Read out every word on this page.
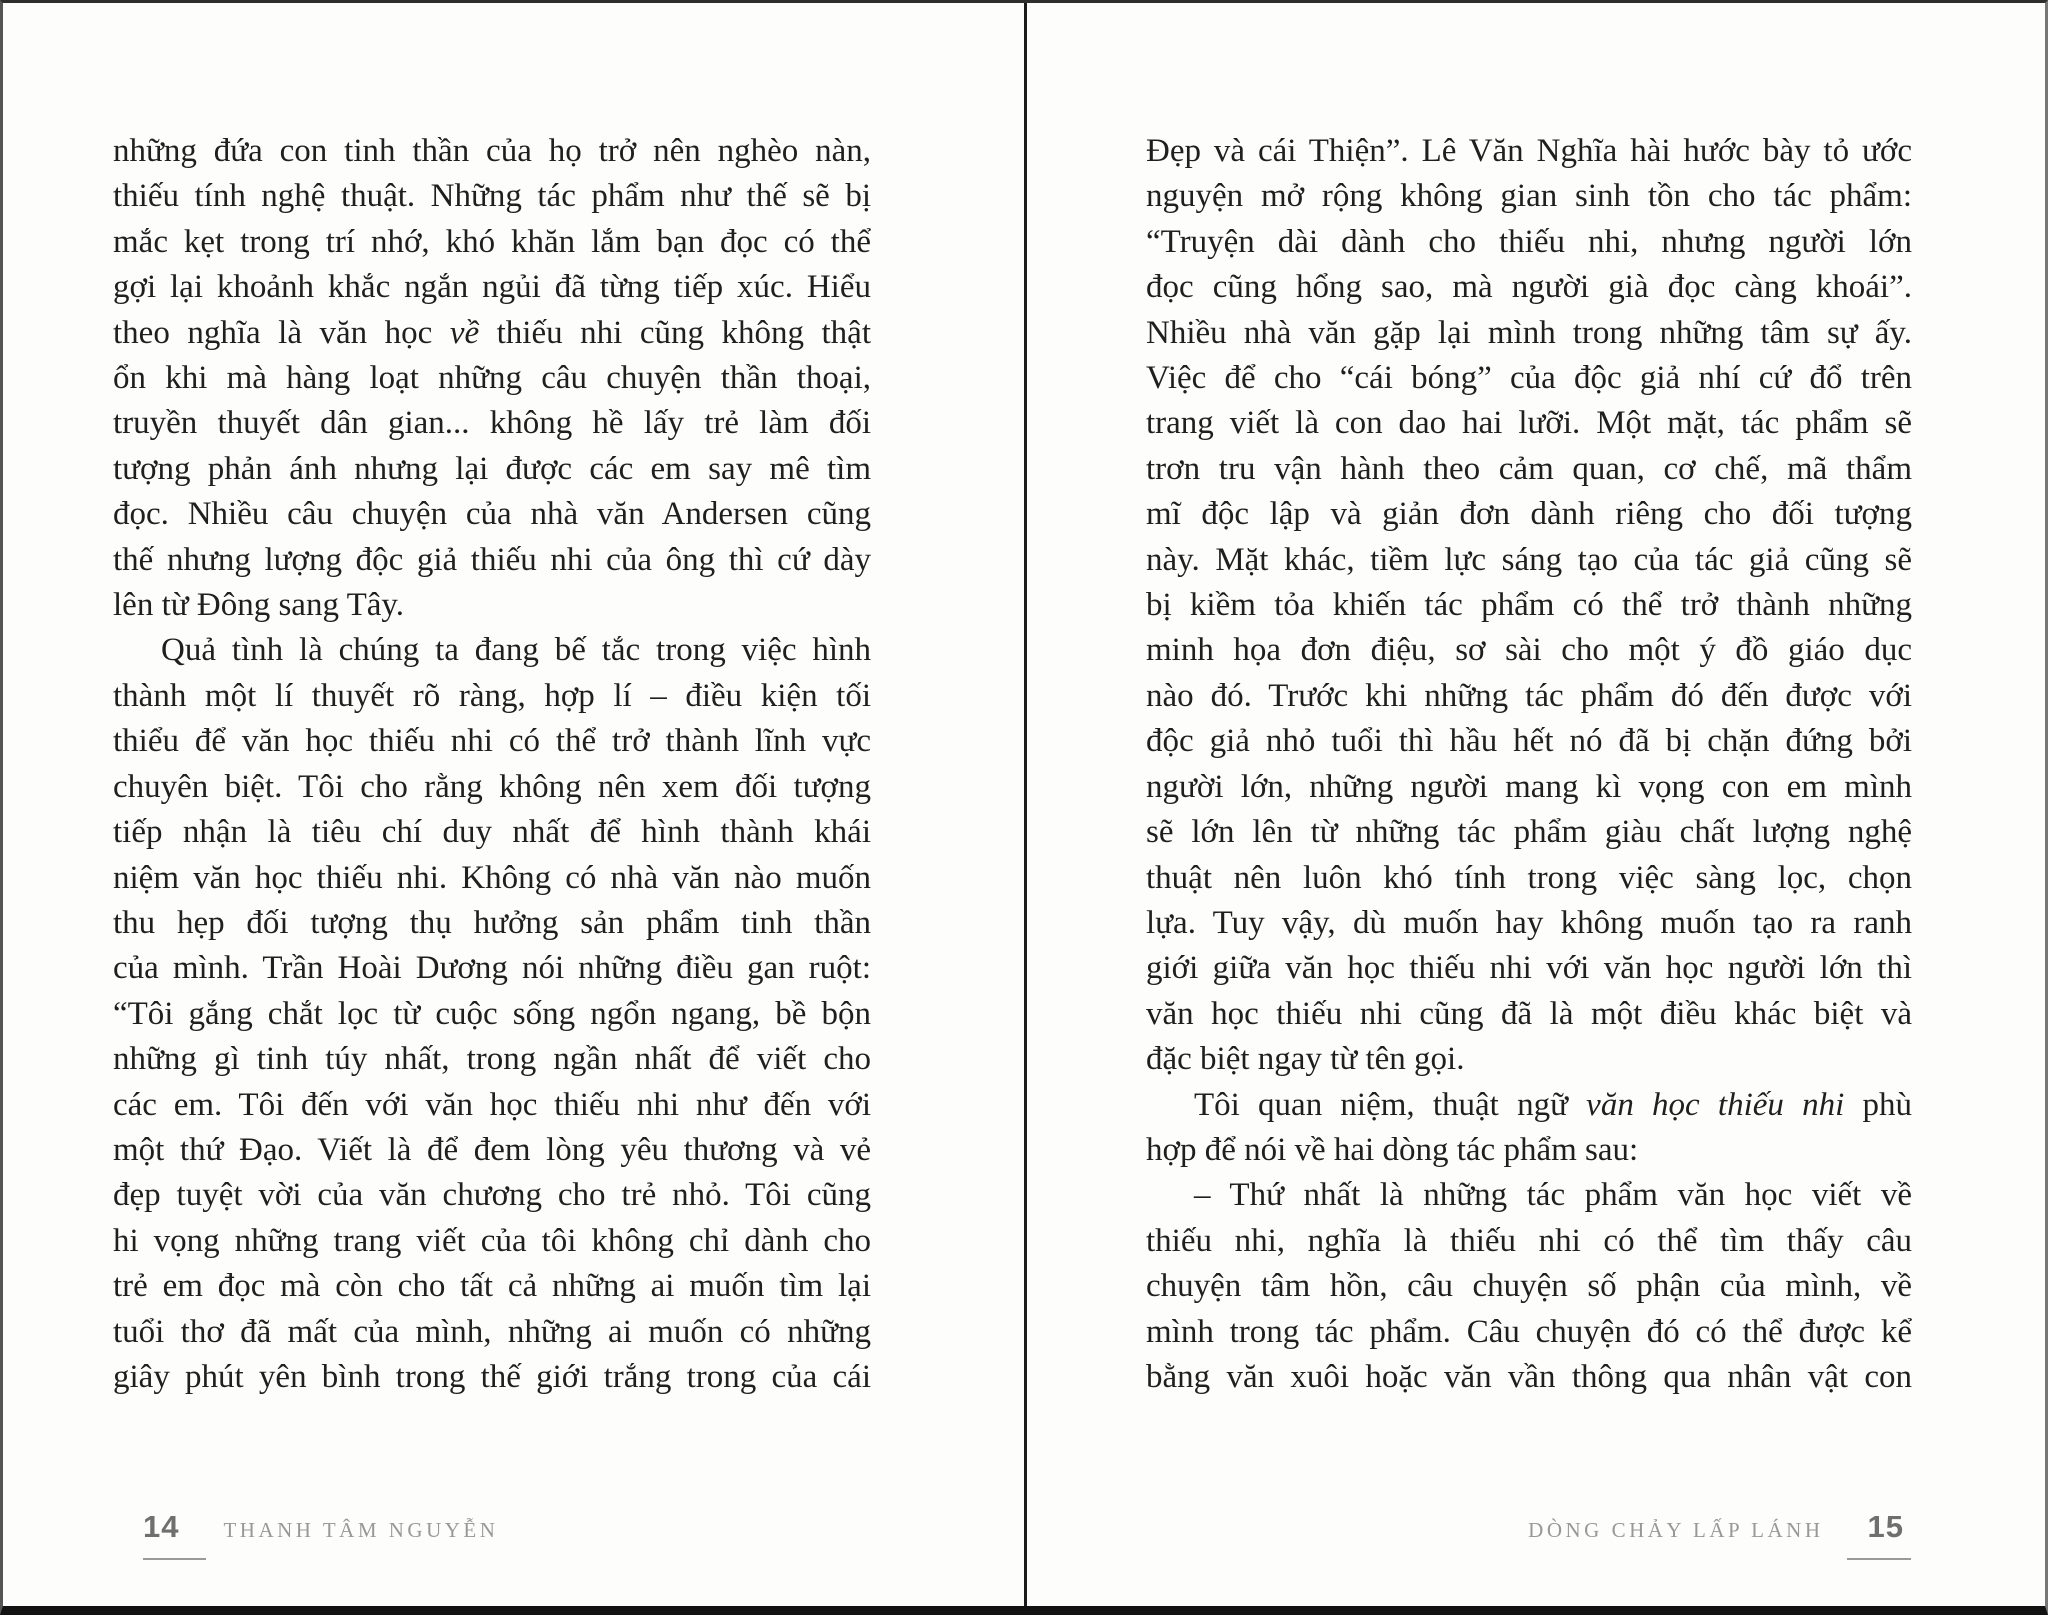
những đứa con tinh thần của họ trở nên nghèo nàn,
thiếu tính nghệ thuật. Những tác phẩm như thế sẽ bị
mắc kẹt trong trí nhớ, khó khăn lắm bạn đọc có thể
gợi lại khoảnh khắc ngắn ngủi đã từng tiếp xúc. Hiểu
theo nghĩa là văn học về thiếu nhi cũng không thật
ổn khi mà hàng loạt những câu chuyện thần thoại,
truyền thuyết dân gian... không hề lấy trẻ làm đối
tượng phản ánh nhưng lại được các em say mê tìm
đọc. Nhiều câu chuyện của nhà văn Andersen cũng
thế nhưng lượng độc giả thiếu nhi của ông thì cứ dày
lên từ Đông sang Tây.
Quả tình là chúng ta đang bế tắc trong việc hình
thành một lí thuyết rõ ràng, hợp lí – điều kiện tối
thiểu để văn học thiếu nhi có thể trở thành lĩnh vực
chuyên biệt. Tôi cho rằng không nên xem đối tượng
tiếp nhận là tiêu chí duy nhất để hình thành khái
niệm văn học thiếu nhi. Không có nhà văn nào muốn
thu hẹp đối tượng thụ hưởng sản phẩm tinh thần
của mình. Trần Hoài Dương nói những điều gan ruột:
“Tôi gắng chắt lọc từ cuộc sống ngổn ngang, bề bộn
những gì tinh túy nhất, trong ngần nhất để viết cho
các em. Tôi đến với văn học thiếu nhi như đến với
một thứ Đạo. Viết là để đem lòng yêu thương và vẻ
đẹp tuyệt vời của văn chương cho trẻ nhỏ. Tôi cũng
hi vọng những trang viết của tôi không chỉ dành cho
trẻ em đọc mà còn cho tất cả những ai muốn tìm lại
tuổi thơ đã mất của mình, những ai muốn có những
giây phút yên bình trong thế giới trắng trong của cái
14 THANH TÂM NGUYỄN
Đẹp và cái Thiện”. Lê Văn Nghĩa hài hước bày tỏ ước
nguyện mở rộng không gian sinh tồn cho tác phẩm:
“Truyện dài dành cho thiếu nhi, nhưng người lớn
đọc cũng hổng sao, mà người già đọc càng khoái”.
Nhiều nhà văn gặp lại mình trong những tâm sự ấy.
Việc để cho “cái bóng” của độc giả nhí cứ đổ trên
trang viết là con dao hai lưỡi. Một mặt, tác phẩm sẽ
trơn tru vận hành theo cảm quan, cơ chế, mã thẩm
mĩ độc lập và giản đơn dành riêng cho đối tượng
này. Mặt khác, tiềm lực sáng tạo của tác giả cũng sẽ
bị kiềm tỏa khiến tác phẩm có thể trở thành những
minh họa đơn điệu, sơ sài cho một ý đồ giáo dục
nào đó. Trước khi những tác phẩm đó đến được với
độc giả nhỏ tuổi thì hầu hết nó đã bị chặn đứng bởi
người lớn, những người mang kì vọng con em mình
sẽ lớn lên từ những tác phẩm giàu chất lượng nghệ
thuật nên luôn khó tính trong việc sàng lọc, chọn
lựa. Tuy vậy, dù muốn hay không muốn tạo ra ranh
giới giữa văn học thiếu nhi với văn học người lớn thì
văn học thiếu nhi cũng đã là một điều khác biệt và
đặc biệt ngay từ tên gọi.
Tôi quan niệm, thuật ngữ văn học thiếu nhi phù
hợp để nói về hai dòng tác phẩm sau:
– Thứ nhất là những tác phẩm văn học viết về
thiếu nhi, nghĩa là thiếu nhi có thể tìm thấy câu
chuyện tâm hồn, câu chuyện số phận của mình, về
mình trong tác phẩm. Câu chuyện đó có thể được kể
bằng văn xuôi hoặc văn vần thông qua nhân vật con
DÒNG CHẢY LẤP LÁNH 15
